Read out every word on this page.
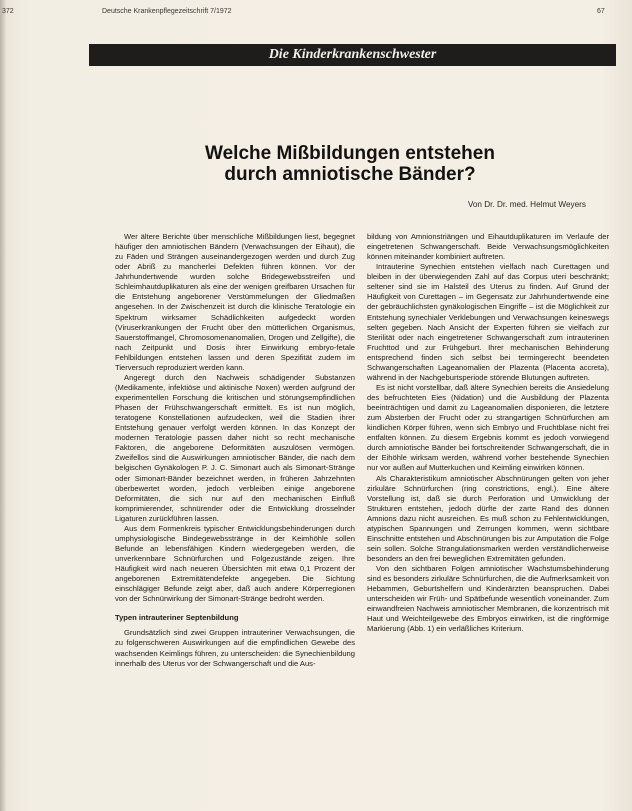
372	Deutsche Krankenpflegezeitschrift 7/1972	67
Die Kinderkrankenschwester
Welche Mißbildungen entstehen
durch amniotische Bänder?
Von Dr. Dr. med. Helmut Weyers

Wer ältere Berichte über menschliche Mißbildungen liest, begegnet häufiger den amniotischen Bändern (Verwachsungen der Eihaut), die zu Fäden und Strängen auseinandergezogen werden und durch Zug oder Abriß zu mancherlei Defekten führen können. Vor der Jahrhundertwende wurden solche Bridegewebsstreifen und Schleimhautduplikaturen als eine der wenigen greifbaren Ursachen für die Entstehung angeborener Verstümmelungen der Gliedmaßen angesehen. In der Zwischenzeit ist durch die klinische Teratologie ein Spektrum wirksamer Schädlichkeiten aufgedeckt worden (Viruserkrankungen der Frucht über den mütterlichen Organismus, Sauerstoffmangel, Chromosomenanomalien, Drogen und Zellgifte), die nach Zeitpunkt und Dosis ihrer Einwirkung embryo-fetale Fehlbildungen entstehen lassen und deren Spezifität zudem im Tierversuch reproduziert werden kann.

Angeregt durch den Nachweis schädigender Substanzen (Medikamente, infektiöse und aktinische Noxen) werden aufgrund der experimentellen Forschung die kritischen und störungsempfindlichen Phasen der Frühschwangerschaft ermittelt. Es ist nun möglich, teratogene Konstellationen aufzudecken, weil die Stadien ihrer Entstehung genauer verfolgt werden können. In das Konzept der modernen Teratologie passen daher nicht so recht mechanische Faktoren, die angeborene Deformitäten auszulösen vermögen. Zweifellos sind die Auswirkungen amniotischer Bänder, die nach dem belgischen Gynäkologen P. J. C. Simonart auch als Simonart-Stränge oder Simonart-Bänder bezeichnet werden, in früheren Jahrzehnten überbewertet worden, jedoch verbleiben einige angeborene Deformitäten, die sich nur auf den mechanischen Einfluß komprimierender, schnürender oder die Entwicklung drosselnder Ligaturen zurückführen lassen.

Aus dem Formenkreis typischer Entwicklungsbehinderungen durch umphysiologische Bindegewebsstränge in der Keimhöhle sollen Befunde an lebensfähigen Kindern wiedergegeben werden, die unverkennbare Schnürfurchen und Folgezustände zeigen. Ihre Häufigkeit wird nach neueren Übersichten mit etwa 0,1 Prozent der angeborenen Extremitätendefekte angegeben. Die Sichtung einschlägiger Befunde zeigt aber, daß auch andere Körperregionen von der Schnürwirkung der Simonart-Stränge bedroht werden.

Typen intrauteriner Septenbildung

Grundsätzlich sind zwei Gruppen intrauteriner Verwachsungen, die zu folgenschweren Auswirkungen auf die empfindlichen Gewebe des wachsenden Keimlings führen, zu unterscheiden: die Synechienbildung innerhalb des Uterus vor der Schwangerschaft und die Aus-

bildung von Amnionstriängen und Eihautduplikaturen im Verlaufe der eingetretenen Schwangerschaft. Beide Verwachsungsmöglichkeiten können miteinander kombiniert auftreten.

Intrauterine Synechien entstehen vielfach nach Curettagen und bleiben in der überwiegenden Zahl auf das Corpus uteri beschränkt; seltener sind sie im Halsteil des Uterus zu finden. Auf Grund der Häufigkeit von Curettagen – im Gegensatz zur Jahrhundertwende eine der gebräuchlichsten gynäkologischen Eingriffe – ist die Möglichkeit zur Entstehung synechialer Verklebungen und Verwachsungen keineswegs selten gegeben. Nach Ansicht der Experten führen sie vielfach zur Sterilität oder nach eingetretener Schwangerschaft zum intrauterinen Fruchttod und zur Frühgeburt. Ihrer mechanischen Behinderung entsprechend finden sich selbst bei termingerecht beendeten Schwangerschaften Lageanomalien der Plazenta (Placenta accreta), während in der Nachgeburtsperiode störende Blutungen auftreten.

Es ist nicht vorstellbar, daß ältere Synechien bereits die Ansiedelung des befruchteten Eies (Nidation) und die Ausbildung der Plazenta beeinträchtigen und damit zu Lageanomalien disponieren, die letztere zum Absterben der Frucht oder zu strangartigen Schnürfurchen am kindlichen Körper führen, wenn sich Embryo und Fruchtblase nicht frei entfalten können. Zu diesem Ergebnis kommt es jedoch vorwiegend durch amniotische Bänder bei fortschreitender Schwangerschaft, die in der Eihöhle wirksam werden, während vorher bestehende Synechien nur vor außen auf Mutterkuchen und Keimling einwirken können.

Als Charakteristikum amniotischer Abschnürungen gelten von jeher zirkuläre Schnürfurchen (ring constrictions, engl.). Eine ältere Vorstellung ist, daß sie durch Perforation und Umwicklung der Strukturen entstehen, jedoch dürfte der zarte Rand des dünnen Amnions dazu nicht ausreichen. Es muß schon zu Fehlentwicklungen, atypischen Spannungen und Zerrungen kommen, wenn sichtbare Einschnitte entstehen und Abschnürungen bis zur Amputation die Folge sein sollen. Solche Strangulationsmarken werden verständlicherweise besonders an den frei beweglichen Extremitäten gefunden.

Von den sichtbaren Folgen amniotischer Wachstumsbehinderung sind es besonders zirkuläre Schnürfurchen, die die Aufmerksamkeit von Hebammen, Geburtshelfern und Kinderärzten beanspruchen. Dabei unterscheiden wir Früh- und Spätbefunde wesentlich voneinander. Zum einwandfreien Nachweis amniotischer Membranen, die konzentrisch mit Haut und Weichteilgewebe des Embryos einwirken, ist die ringförmige Markierung (Abb. 1) ein verläßliches Kriterium.
